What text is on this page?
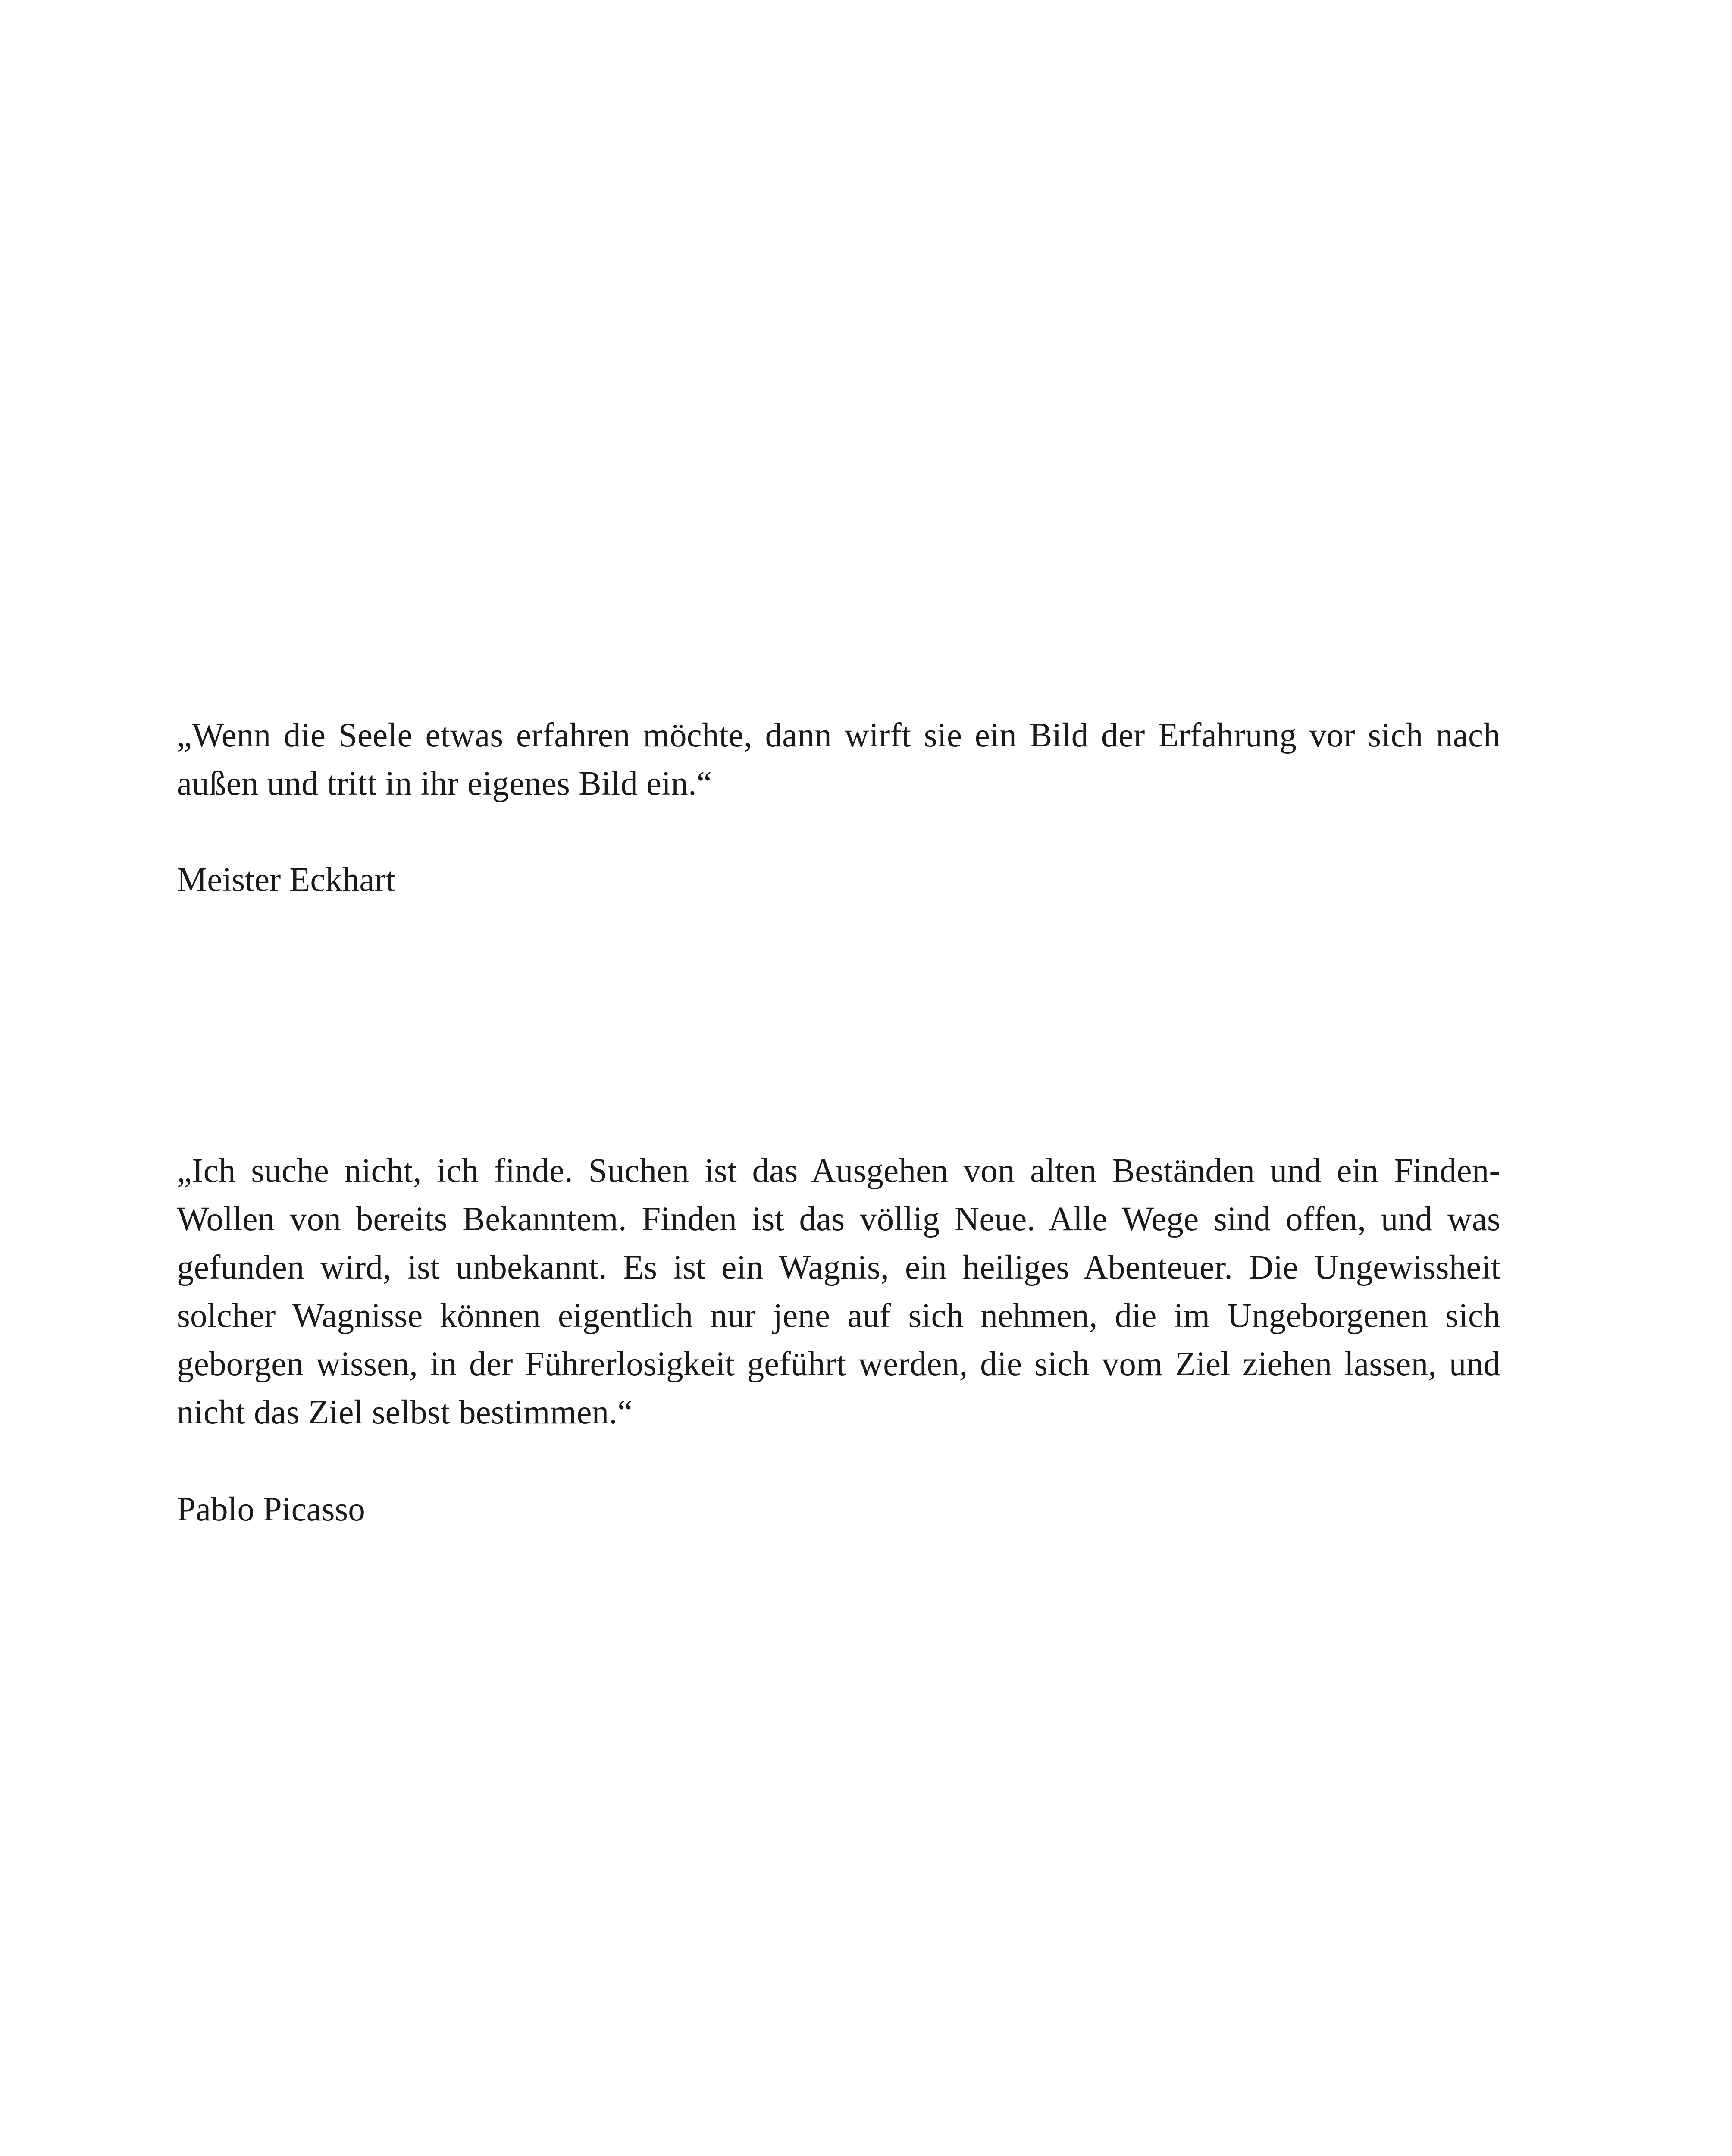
„Wenn die Seele etwas erfahren möchte, dann wirft sie ein Bild der Erfahrung vor sich nach außen und tritt in ihr eigenes Bild ein.“

Meister Eckhart

„Ich suche nicht, ich finde. Suchen ist das Ausgehen von alten Beständen und ein Finden- Wollen von bereits Bekanntem. Finden ist das völlig Neue. Alle Wege sind offen, und was gefunden wird, ist unbekannt. Es ist ein Wagnis, ein heiliges Abenteuer. Die Ungewissheit solcher Wagnisse können eigentlich nur jene auf sich nehmen, die im Ungeborgenen sich geborgen wissen, in der Führerlosigkeit geführt werden, die sich vom Ziel ziehen lassen, und nicht das Ziel selbst bestimmen.“

Pablo Picasso
